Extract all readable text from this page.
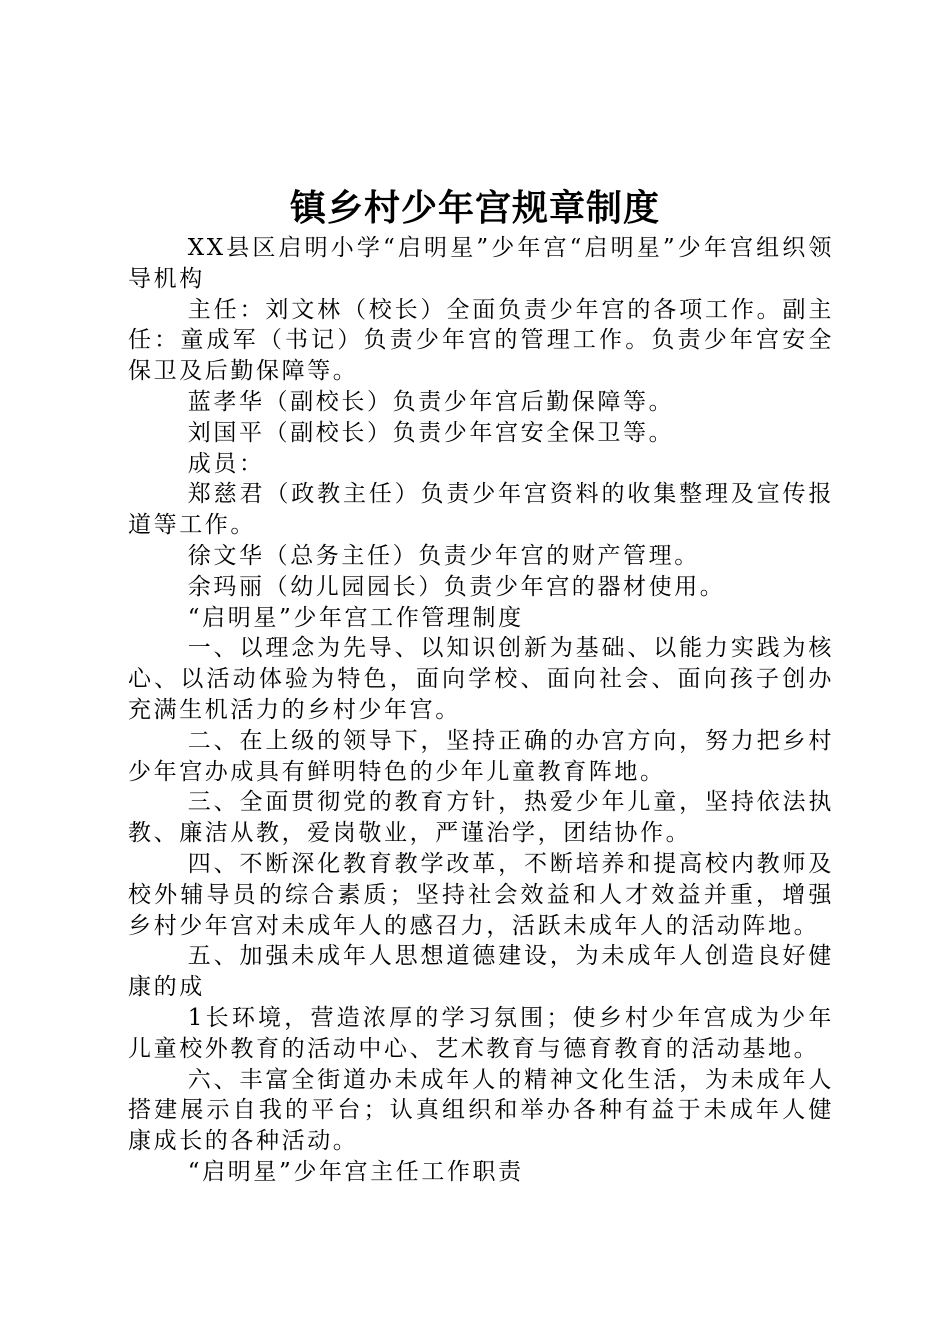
镇乡村少年宫规章制度

XX县区启明小学“启明星”少年宫“启明星”少年宫组织领导机构

主任：刘文林（校长）全面负责少年宫的各项工作。副主任：童成军（书记）负责少年宫的管理工作。负责少年宫安全保卫及后勤保障等。

蓝孝华（副校长）负责少年宫后勤保障等。

刘国平（副校长）负责少年宫安全保卫等。

成员：

郑慈君（政教主任）负责少年宫资料的收集整理及宣传报道等工作。

徐文华（总务主任）负责少年宫的财产管理。

余玛丽（幼儿园园长）负责少年宫的器材使用。

“启明星”少年宫工作管理制度

一、以理念为先导、以知识创新为基础、以能力实践为核心、以活动体验为特色，面向学校、面向社会、面向孩子创办充满生机活力的乡村少年宫。

二、在上级的领导下，坚持正确的办宫方向，努力把乡村少年宫办成具有鲜明特色的少年儿童教育阵地。

三、全面贯彻党的教育方针，热爱少年儿童，坚持依法执教、廉洁从教，爱岗敬业，严谨治学，团结协作。

四、不断深化教育教学改革，不断培养和提高校内教师及校外辅导员的综合素质；坚持社会效益和人才效益并重，增强乡村少年宫对未成年人的感召力，活跃未成年人的活动阵地。

五、加强未成年人思想道德建设，为未成年人创造良好健康的成

1长环境，营造浓厚的学习氛围；使乡村少年宫成为少年儿童校外教育的活动中心、艺术教育与德育教育的活动基地。

六、丰富全街道办未成年人的精神文化生活，为未成年人搭建展示自我的平台；认真组织和举办各种有益于未成年人健康成长的各种活动。

“启明星”少年宫主任工作职责
